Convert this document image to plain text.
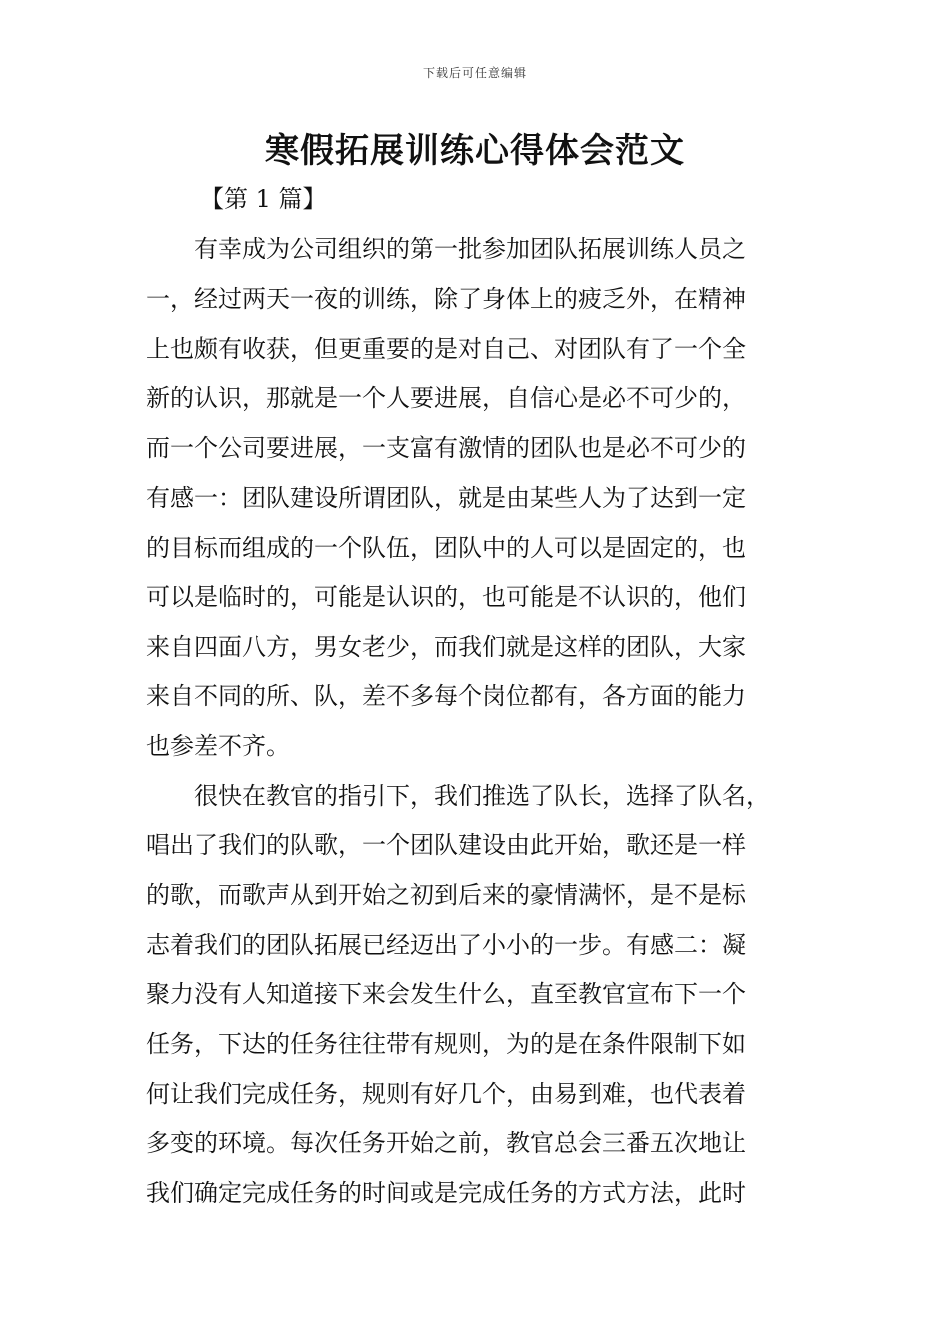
下载后可任意编辑
寒假拓展训练心得体会范文
【第 1 篇】
　　有幸成为公司组织的第一批参加团队拓展训练人员之
一，经过两天一夜的训练，除了身体上的疲乏外，在精神
上也颇有收获，但更重要的是对自己、对团队有了一个全
新的认识，那就是一个人要进展，自信心是必不可少的，
而一个公司要进展，一支富有激情的团队也是必不可少的
有感一：团队建设所谓团队，就是由某些人为了达到一定
的目标而组成的一个队伍，团队中的人可以是固定的，也
可以是临时的，可能是认识的，也可能是不认识的，他们
来自四面八方，男女老少，而我们就是这样的团队，大家
来自不同的所、队，差不多每个岗位都有，各方面的能力
也参差不齐。
　　很快在教官的指引下，我们推选了队长，选择了队名，
唱出了我们的队歌，一个团队建设由此开始，歌还是一样
的歌，而歌声从到开始之初到后来的豪情满怀，是不是标
志着我们的团队拓展已经迈出了小小的一步。有感二：凝
聚力没有人知道接下来会发生什么，直至教官宣布下一个
任务，下达的任务往往带有规则，为的是在条件限制下如
何让我们完成任务，规则有好几个，由易到难，也代表着
多变的环境。每次任务开始之前，教官总会三番五次地让
我们确定完成任务的时间或是完成任务的方式方法，此时
